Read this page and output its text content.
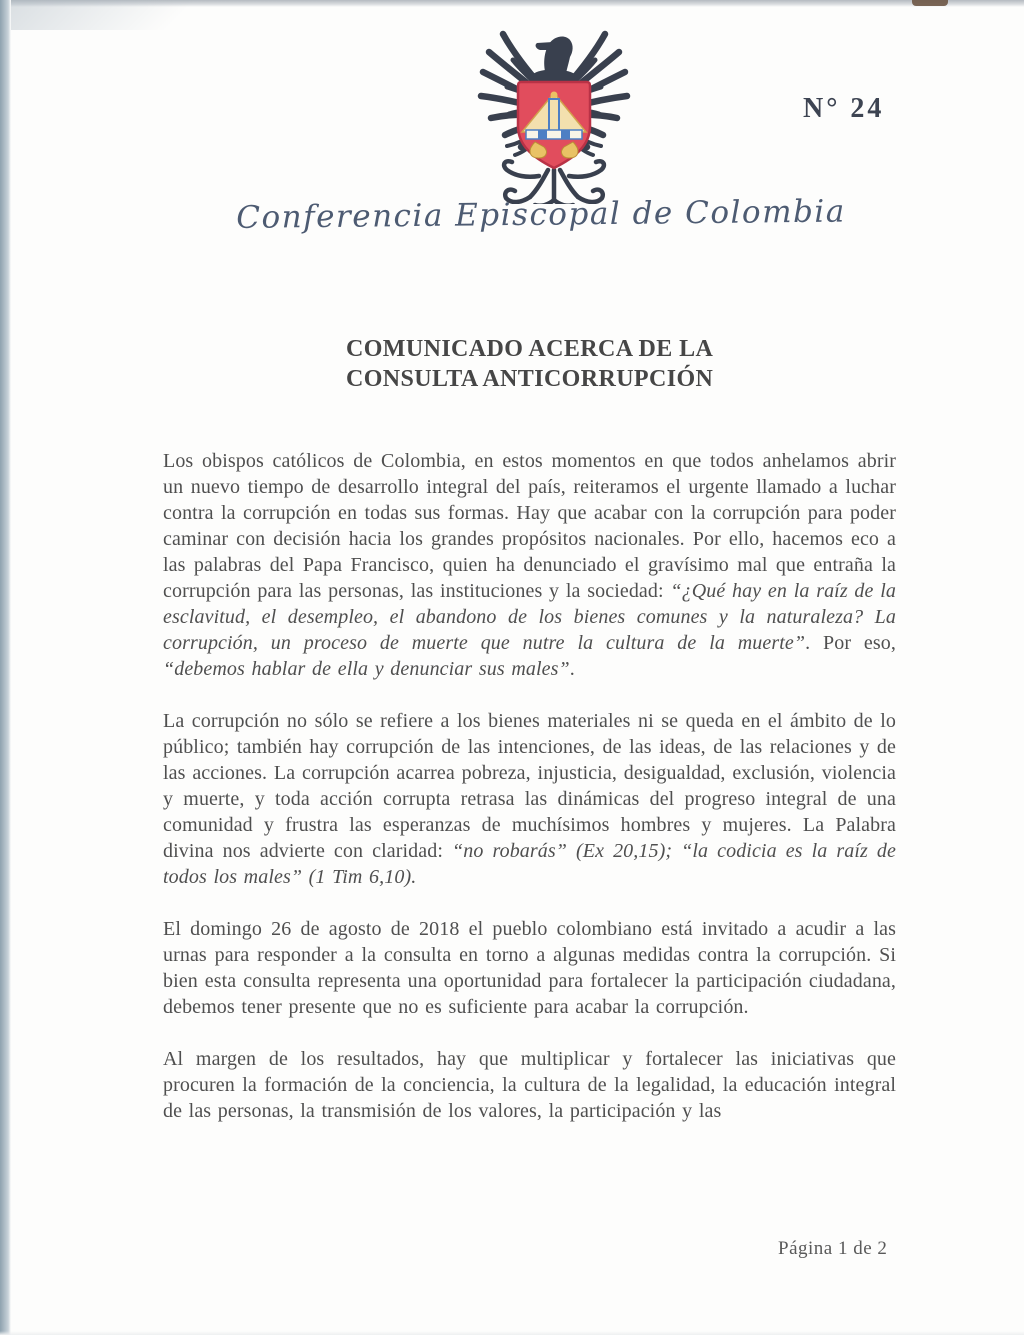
N° 24
Conferencia Episcopal de Colombia
COMUNICADO ACERCA DE LA
CONSULTA ANTICORRUPCIÓN

Los obispos católicos de Colombia, en estos momentos en que todos anhelamos abrir un nuevo tiempo de desarrollo integral del país, reiteramos el urgente llamado a luchar contra la corrupción en todas sus formas. Hay que acabar con la corrupción para poder caminar con decisión hacia los grandes propósitos nacionales. Por ello, hacemos eco a las palabras del Papa Francisco, quien ha denunciado el gravísimo mal que entraña la corrupción para las personas, las instituciones y la sociedad: “¿Qué hay en la raíz de la esclavitud, el desempleo, el abandono de los bienes comunes y la naturaleza? La corrupción, un proceso de muerte que nutre la cultura de la muerte”. Por eso, “debemos hablar de ella y denunciar sus males”.

La corrupción no sólo se refiere a los bienes materiales ni se queda en el ámbito de lo público; también hay corrupción de las intenciones, de las ideas, de las relaciones y de las acciones. La corrupción acarrea pobreza, injusticia, desigualdad, exclusión, violencia y muerte, y toda acción corrupta retrasa las dinámicas del progreso integral de una comunidad y frustra las esperanzas de muchísimos hombres y mujeres. La Palabra divina nos advierte con claridad: “no robarás” (Ex 20,15); “la codicia es la raíz de todos los males” (1 Tim 6,10).

El domingo 26 de agosto de 2018 el pueblo colombiano está invitado a acudir a las urnas para responder a la consulta en torno a algunas medidas contra la corrupción. Si bien esta consulta representa una oportunidad para fortalecer la participación ciudadana, debemos tener presente que no es suficiente para acabar la corrupción.

Al margen de los resultados, hay que multiplicar y fortalecer las iniciativas que procuren la formación de la conciencia, la cultura de la legalidad, la educación integral de las personas, la transmisión de los valores, la participación y las

Página 1 de 2
